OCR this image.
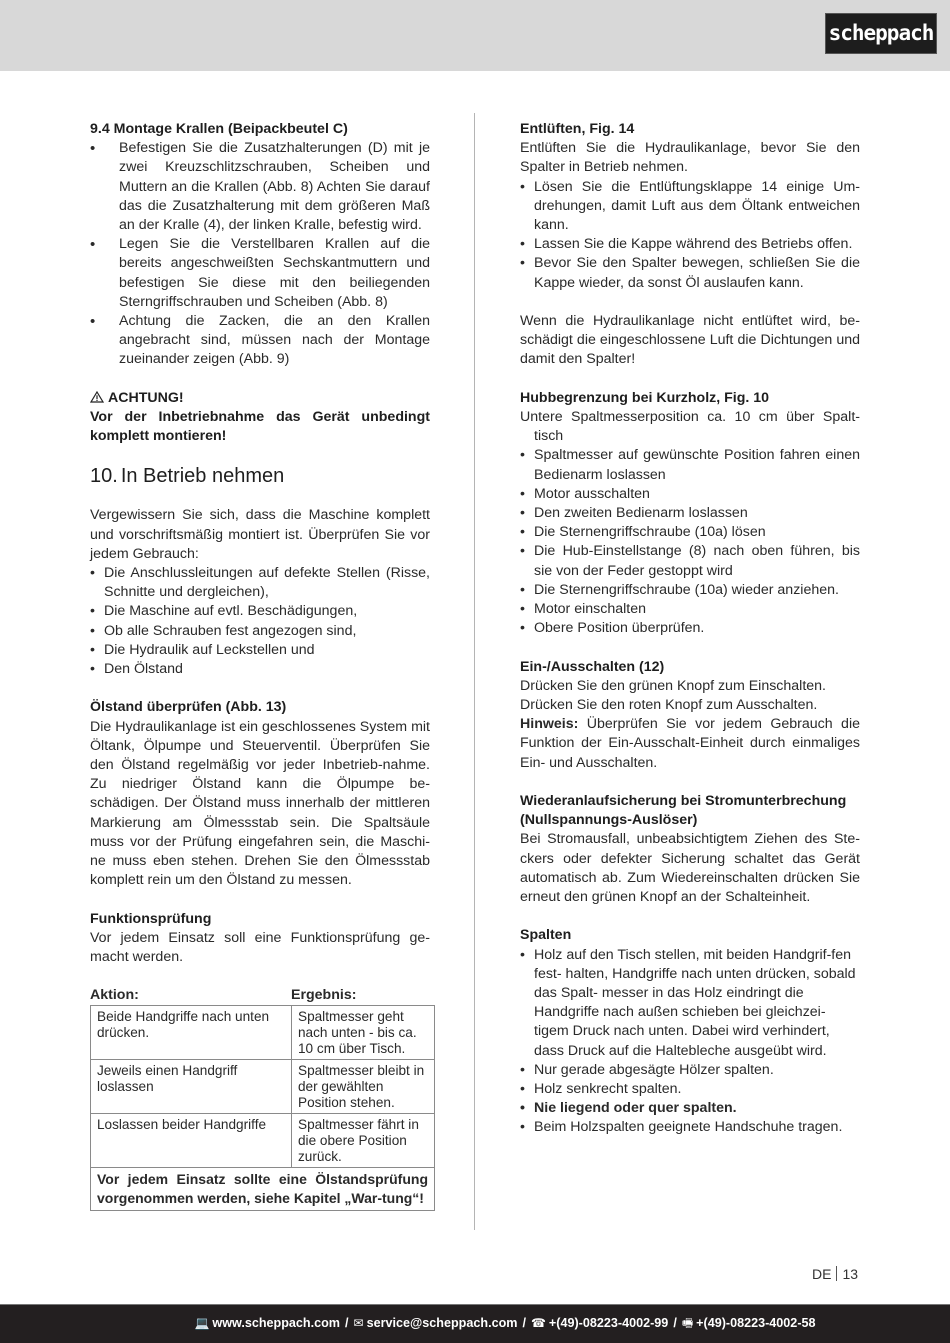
scheppach
9.4 Montage Krallen (Beipackbeutel C)
• Befestigen Sie die Zusatzhalterungen (D) mit je zwei Kreuzschlitzschrauben, Scheiben und Muttern an die Krallen (Abb. 8) Achten Sie darauf das die Zusatzhalterung mit dem größeren Maß an der Kralle (4), der linken Kralle, befestig wird.
• Legen Sie die Verstellbaren Krallen auf die bereits angeschweißten Sechskantmuttern und befestigen Sie diese mit den beiliegenden Sterngriffschrauben und Scheiben (Abb. 8)
• Achtung die Zacken, die an den Krallen angebracht sind, müssen nach der Montage zueinander zeigen (Abb. 9)
ACHTUNG!
Vor der Inbetriebnahme das Gerät unbedingt komplett montieren!
10. In Betrieb nehmen
Vergewissern Sie sich, dass die Maschine komplett und vorschriftsmäßig montiert ist. Überprüfen Sie vor jedem Gebrauch:
• Die Anschlussleitungen auf defekte Stellen (Risse, Schnitte und dergleichen),
• Die Maschine auf evtl. Beschädigungen,
• Ob alle Schrauben fest angezogen sind,
• Die Hydraulik auf Leckstellen und
• Den Ölstand
Ölstand überprüfen (Abb. 13)
Die Hydraulikanlage ist ein geschlossenes System mit Öltank, Ölpumpe und Steuerventil. Überprüfen Sie den Ölstand regelmäßig vor jeder Inbetrieb-nahme. Zu niedriger Ölstand kann die Ölpumpe be-schädigen. Der Ölstand muss innerhalb der mittleren Markierung am Ölmessstab sein. Die Spaltsäule muss vor der Prüfung eingefahren sein, die Maschi-ne muss eben stehen. Drehen Sie den Ölmessstab komplett rein um den Ölstand zu messen.
Funktionsprüfung
Vor jedem Einsatz soll eine Funktionsprüfung ge-macht werden.
Aktion:	Ergebnis:
Beide Handgriffe nach unten drücken.	Spaltmesser geht nach unten - bis ca. 10 cm über Tisch.
Jeweils einen Handgriff loslassen	Spaltmesser bleibt in der gewählten Position stehen.
Loslassen beider Handgriffe	Spaltmesser fährt in die obere Position zurück.
Vor jedem Einsatz sollte eine Ölstandsprüfung vorgenommen werden, siehe Kapitel „War-tung“!	
Entlüften, Fig. 14
Entlüften Sie die Hydraulikanlage, bevor Sie den Spalter in Betrieb nehmen.
• Lösen Sie die Entlüftungsklappe 14 einige Um-drehungen, damit Luft aus dem Öltank entweichen kann.
• Lassen Sie die Kappe während des Betriebs offen.
• Bevor Sie den Spalter bewegen, schließen Sie die Kappe wieder, da sonst Öl auslaufen kann.
Wenn die Hydraulikanlage nicht entlüftet wird, be-schädigt die eingeschlossene Luft die Dichtungen und damit den Spalter!
Hubbegrenzung bei Kurzholz, Fig. 10
Untere Spaltmesserposition ca. 10 cm über Spalt-tisch
• Spaltmesser auf gewünschte Position fahren einen Bedienarm loslassen
• Motor ausschalten
• Den zweiten Bedienarm loslassen
• Die Sternengriffschraube (10a) lösen
• Die Hub-Einstellstange (8) nach oben führen, bis sie von der Feder gestoppt wird
• Die Sternengriffschraube (10a) wieder anziehen.
• Motor einschalten
• Obere Position überprüfen.
Ein-/Ausschalten (12)
Drücken Sie den grünen Knopf zum Einschalten.
Drücken Sie den roten Knopf zum Ausschalten.
Hinweis: Überprüfen Sie vor jedem Gebrauch die Funktion der Ein-Ausschalt-Einheit durch einmaliges Ein- und Ausschalten.
Wiederanlaufsicherung bei Stromunterbrechung (Nullspannungs-Auslöser)
Bei Stromausfall, unbeabsichtigtem Ziehen des Ste-ckers oder defekter Sicherung schaltet das Gerät automatisch ab. Zum Wiedereinschalten drücken Sie erneut den grünen Knopf an der Schalteinheit.
Spalten
• Holz auf den Tisch stellen, mit beiden Handgrif-fen fest- halten, Handgriffe nach unten drücken, sobald das Spalt- messer in das Holz eindringt die Handgriffe nach außen schieben bei gleichzei-tigem Druck nach unten. Dabei wird verhindert, dass Druck auf die Haltebleche ausgeübt wird.
• Nur gerade abgesägte Hölzer spalten.
• Holz senkrecht spalten.
• Nie liegend oder quer spalten.
• Beim Holzspalten geeignete Handschuhe tragen.
DE 13
💻 www.scheppach.com / ✉ service@scheppach.com / ☎ +(49)-08223-4002-99 / 🖷 +(49)-08223-4002-58
